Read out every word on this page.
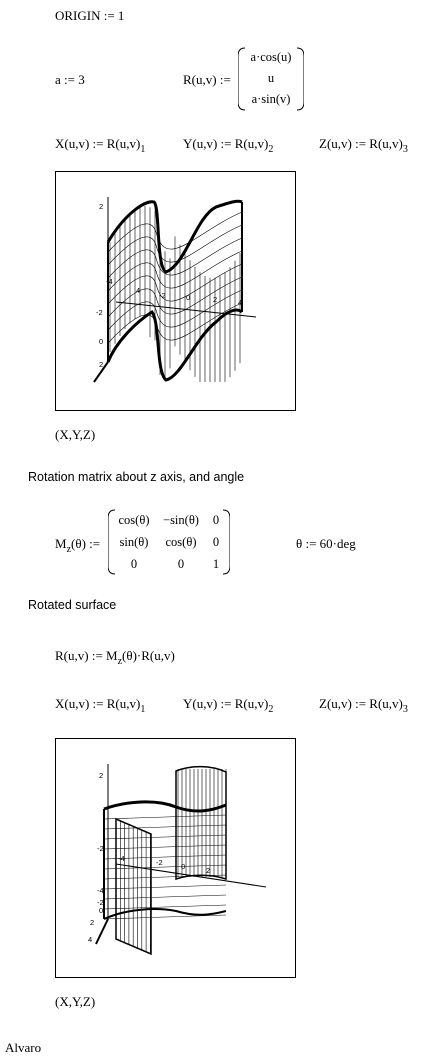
ORIGIN := 1
a := 3	R(u,v) :=
a·cos(u)
u
a·sin(v)
X(u,v) := $R(u,v)_1$	Y(u,v) := $R(u,v)_2$	Z(u,v) := $R(u,v)_3$
2
-2
0
2
4
-2	0	2	4
-4
(X,Y,Z)
Rotation matrix about z axis, and angle
$M_z(\theta)$ :=
cos(θ)	−sin(θ)	0
sin(θ)	cos(θ)	0
0	0	1
θ := 60·deg
Rotated surface
R(u,v) := $M_z(\theta)\cdot R(u,v)$
X(u,v) := $R(u,v)_1$	Y(u,v) := $R(u,v)_2$	Z(u,v) := $R(u,v)_3$
2
-2
-4
-2
0
2
4
-2 0	2
-4
(X,Y,Z)
Alvaro
